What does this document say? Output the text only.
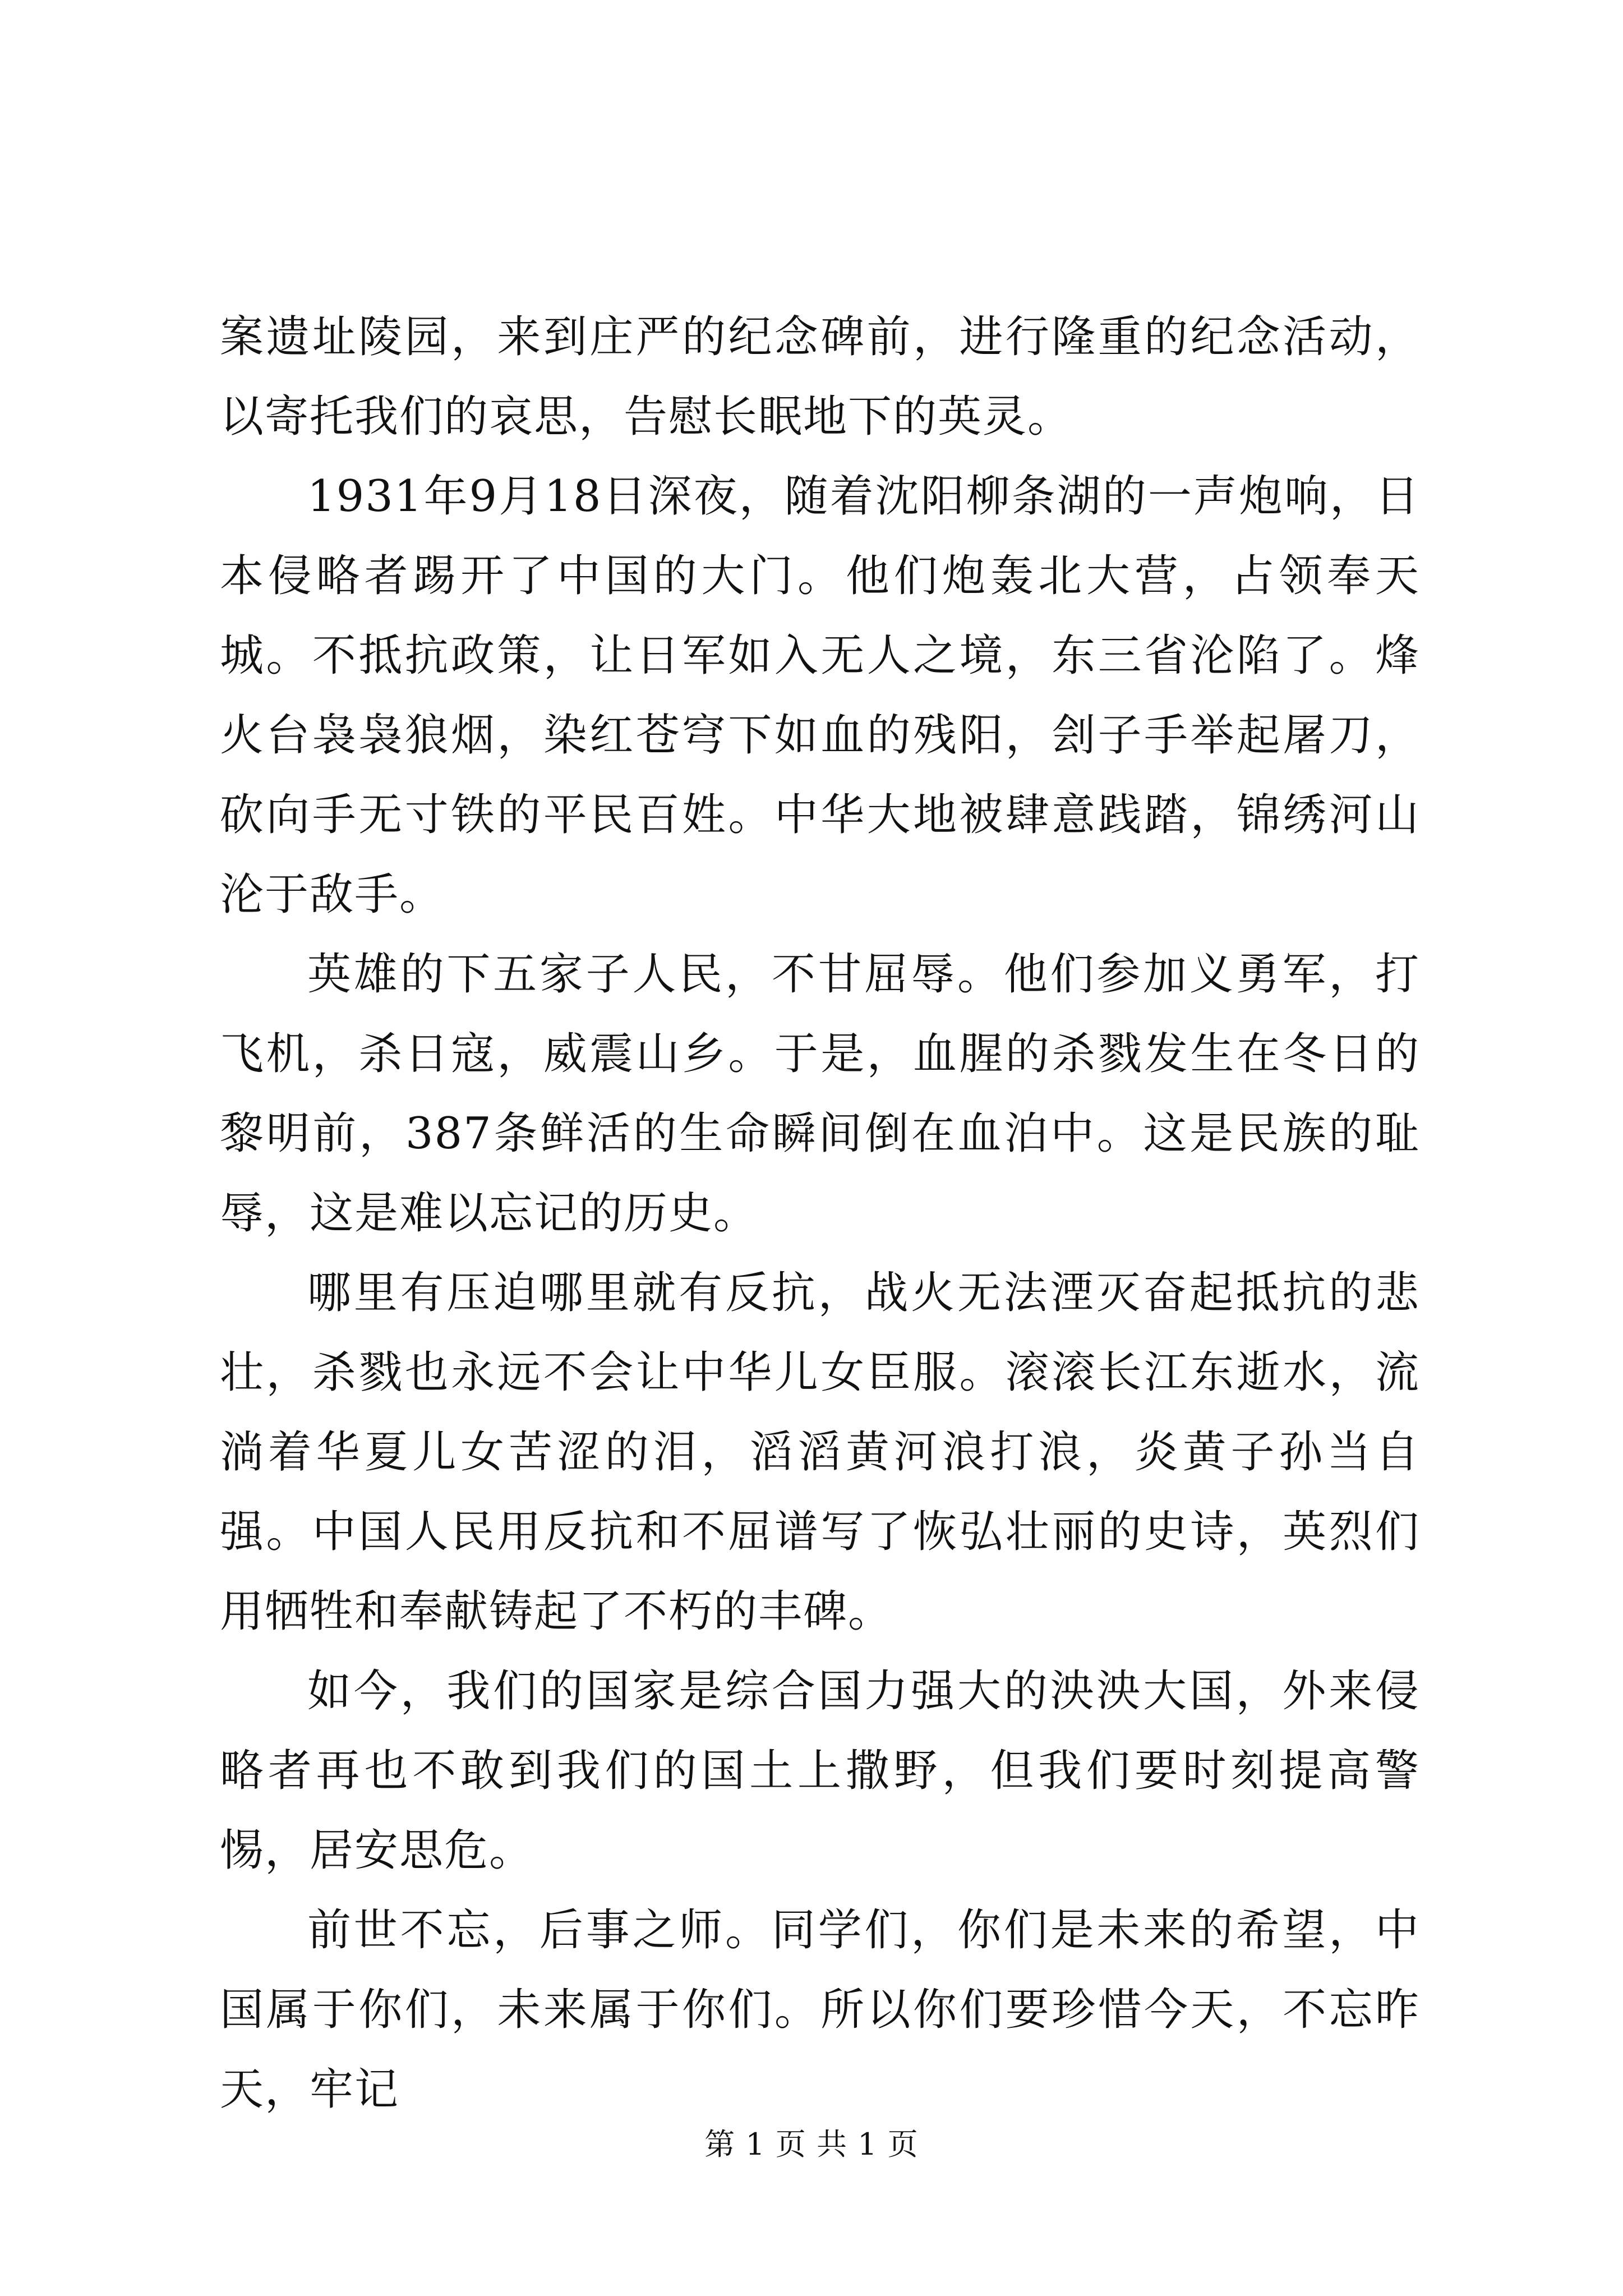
案遗址陵园，来到庄严的纪念碑前，进行隆重的纪念活动，以寄托我们的哀思，告慰长眠地下的英灵。

1931年9月18日深夜，随着沈阳柳条湖的一声炮响，日本侵略者踢开了中国的大门。他们炮轰北大营，占领奉天城。不抵抗政策，让日军如入无人之境，东三省沦陷了。烽火台袅袅狼烟，染红苍穹下如血的残阳，刽子手举起屠刀，砍向手无寸铁的平民百姓。中华大地被肆意践踏，锦绣河山沦于敌手。

英雄的下五家子人民，不甘屈辱。他们参加义勇军，打飞机，杀日寇，威震山乡。于是，血腥的杀戮发生在冬日的黎明前，387条鲜活的生命瞬间倒在血泊中。这是民族的耻辱，这是难以忘记的历史。

哪里有压迫哪里就有反抗，战火无法湮灭奋起抵抗的悲壮，杀戮也永远不会让中华儿女臣服。滚滚长江东逝水，流淌着华夏儿女苦涩的泪，滔滔黄河浪打浪，炎黄子孙当自强。中国人民用反抗和不屈谱写了恢弘壮丽的史诗，英烈们用牺牲和奉献铸起了不朽的丰碑。

如今，我们的国家是综合国力强大的泱泱大国，外来侵略者再也不敢到我们的国土上撒野，但我们要时刻提高警惕，居安思危。

前世不忘，后事之师。同学们，你们是未来的希望，中国属于你们，未来属于你们。所以你们要珍惜今天，不忘昨天，牢记

第 1 页 共 1 页
